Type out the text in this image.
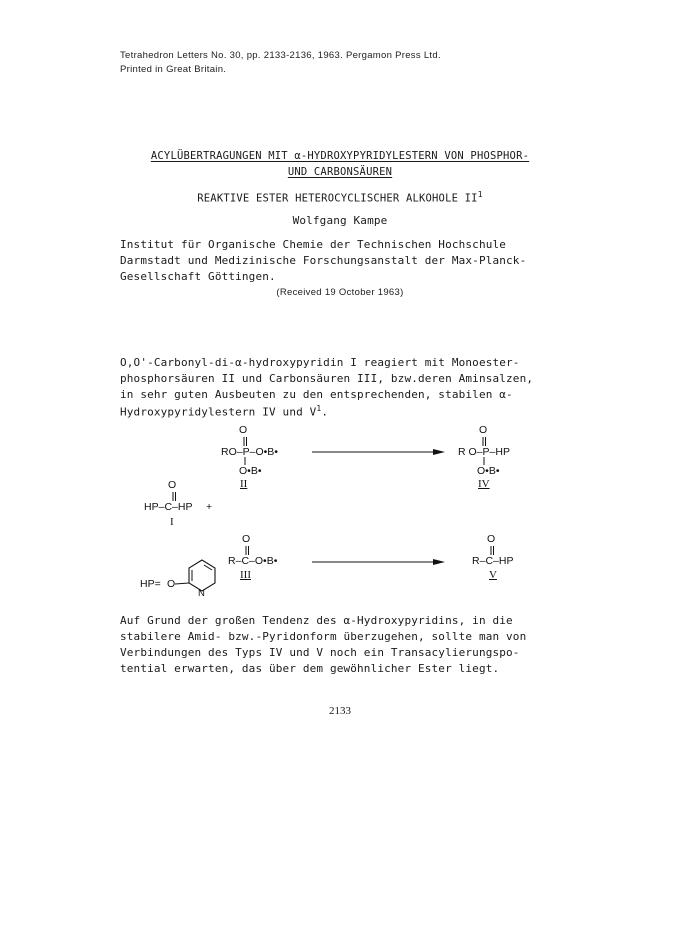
Tetrahedron Letters No. 30, pp. 2133-2136, 1963. Pergamon Press Ltd.
Printed in Great Britain.
ACYLÜBERTRAGUNGEN MIT α-HYDROXYPYRIDYLESTERN VON PHOSPHOR-
UND CARBONSÄUREN
REAKTIVE ESTER HETEROCYCLISCHER ALKOHOLE $II^1$
Wolfgang Kampe
Institut für Organische Chemie der Technischen Hochschule
Darmstadt und Medizinische Forschungsanstalt der Max-Planck-
Gesellschaft Göttingen.
(Received 19 October 1963)
O,O'-Carbonyl-di-α-hydroxypyridin I reagiert mit Monoester-
phosphorsäuren II und Carbonsäuren III, bzw.deren Aminsalzen,
in sehr guten Ausbeuten zu den entsprechenden, stabilen α-
Hydroxypyridylestern IV und $V^1$.
O
RO–P–O•B•
O•B•
II
O
R O–P–HP
O•B•
IV
O
HP–C–HP +
I
O
R–C–O•B•
III
O
R–C–HP
V
HP= O
N
Auf Grund der großen Tendenz des α-Hydroxypyridins, in die
stabilere Amid- bzw.-Pyridonform überzugehen, sollte man von
Verbindungen des Typs IV und V noch ein Transacylierungspo-
tential erwarten, das über dem gewöhnlicher Ester liegt.
2133
